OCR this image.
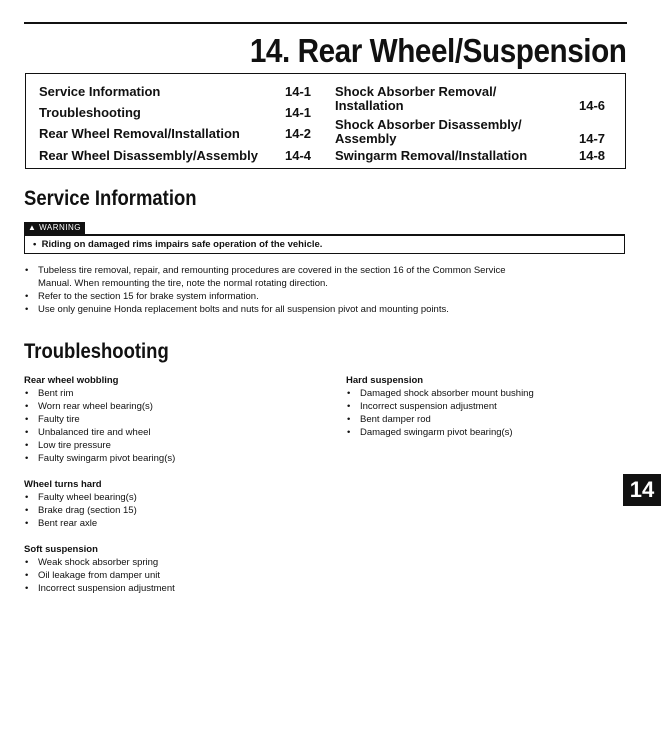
14. Rear Wheel/Suspension
Service Information	14-1
Troubleshooting	14-1
Rear Wheel Removal/Installation	14-2
Rear Wheel Disassembly/Assembly 14-4
Shock Absorber Removal/
Installation	14-6
Shock Absorber Disassembly/
Assembly	14-7
Swingarm Removal/Installation	14-8
Service Information
▲ WARNING
•  Riding on damaged rims impairs safe operation of the vehicle.
• Tubeless tire removal, repair, and remounting procedures are covered in the section 16 of the Common Service
Manual. When remounting the tire, note the normal rotating direction.
• Refer to the section 15 for brake system information.
• Use only genuine Honda replacement bolts and nuts for all suspension pivot and mounting points.
Troubleshooting
Rear wheel wobbling
• Bent rim
• Worn rear wheel bearing(s)
• Faulty tire
• Unbalanced tire and wheel
• Low tire pressure
• Faulty swingarm pivot bearing(s)
Wheel turns hard
• Faulty wheel bearing(s)
• Brake drag (section 15)
• Bent rear axle
Soft suspension
• Weak shock absorber spring
• Oil leakage from damper unit
• Incorrect suspension adjustment
Hard suspension
• Damaged shock absorber mount bushing
• Incorrect suspension adjustment
• Bent damper rod
• Damaged swingarm pivot bearing(s)
14
